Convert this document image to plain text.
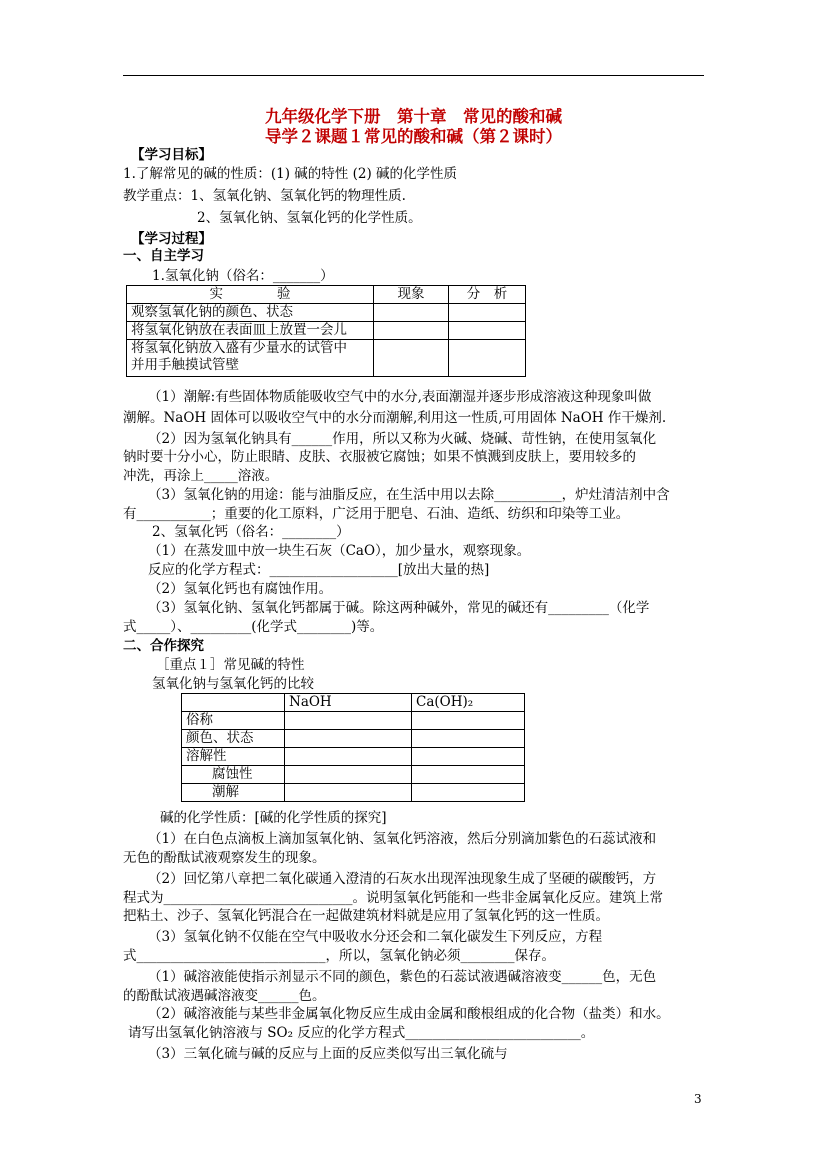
九年级化学下册　第十章　常见的酸和碱
导学２课题１常见的酸和碱（第２课时）
【学习目标】
1.了解常见的碱的性质：(1) 碱的特性 (2) 碱的化学性质
教学重点：1、氢氧化钠、氢氧化钙的物理性质.
2、氢氧化钠、氢氧化钙的化学性质。
【学习过程】
一、自主学习
1.氢氧化钠（俗名：_______）
实　　　　验	现象	分　析
观察氢氧化钠的颜色、状态		
将氢氧化钠放在表面皿上放置一会儿		

将氢氧化钠放入盛有少量水的试管中
并用手触摸试管壁		

（1）潮解:有些固体物质能吸收空气中的水分,表面潮湿并逐步形成溶液这种现象叫做
潮解。NaOH 固体可以吸收空气中的水分而潮解,利用这一性质,可用固体 NaOH 作干燥剂.
（2）因为氢氧化钠具有______作用，所以又称为火碱、烧碱、苛性钠，在使用氢氧化
钠时要十分小心，防止眼睛、皮肤、衣服被它腐蚀；如果不慎溅到皮肤上，要用较多的
冲洗，再涂上_____溶液。
（3）氢氧化钠的用途：能与油脂反应，在生活中用以去除__________，炉灶清洁剂中含
有___________；重要的化工原料，广泛用于肥皂、石油、造纸、纺织和印染等工业。
2、氢氧化钙（俗名：________）
（1）在蒸发皿中放一块生石灰（CaO），加少量水，观察现象。
反应的化学方程式：___________________[放出大量的热]
（2）氢氧化钙也有腐蚀作用。
（3）氢氧化钠、氢氧化钙都属于碱。除这两种碱外，常见的碱还有_________（化学
式_____）、_________(化学式________)等。
二、合作探究
［重点１］常见碱的特性
氢氧化钠与氢氧化钙的比较
	NaOH	Ca(OH)₂
俗称		
颜色、状态		
溶解性		
腐蚀性		
潮解		
碱的化学性质：[碱的化学性质的探究]
（1）在白色点滴板上滴加氢氧化钠、氢氧化钙溶液，然后分别滴加紫色的石蕊试液和
无色的酚酞试液观察发生的现象。
（2）回忆第八章把二氧化碳通入澄清的石灰水出现浑浊现象生成了坚硬的碳酸钙，方
程式为____________________________。说明氢氧化钙能和一些非金属氧化反应。建筑上常
把粘土、沙子、氢氧化钙混合在一起做建筑材料就是应用了氢氧化钙的这一性质。
（3）氢氧化钠不仅能在空气中吸收水分还会和二氧化碳发生下列反应，方程
式____________________________，所以，氢氧化钠必须________保存。
（1）碱溶液能使指示剂显示不同的颜色，紫色的石蕊试液遇碱溶液变______色，无色
的酚酞试液遇碱溶液变______色。
（2）碱溶液能与某些非金属氧化物反应生成由金属和酸根组成的化合物（盐类）和水。
请写出氢氧化钠溶液与 SO₂ 反应的化学方程式__________________________。
（3）三氧化硫与碱的反应与上面的反应类似写出三氧化硫与
3
